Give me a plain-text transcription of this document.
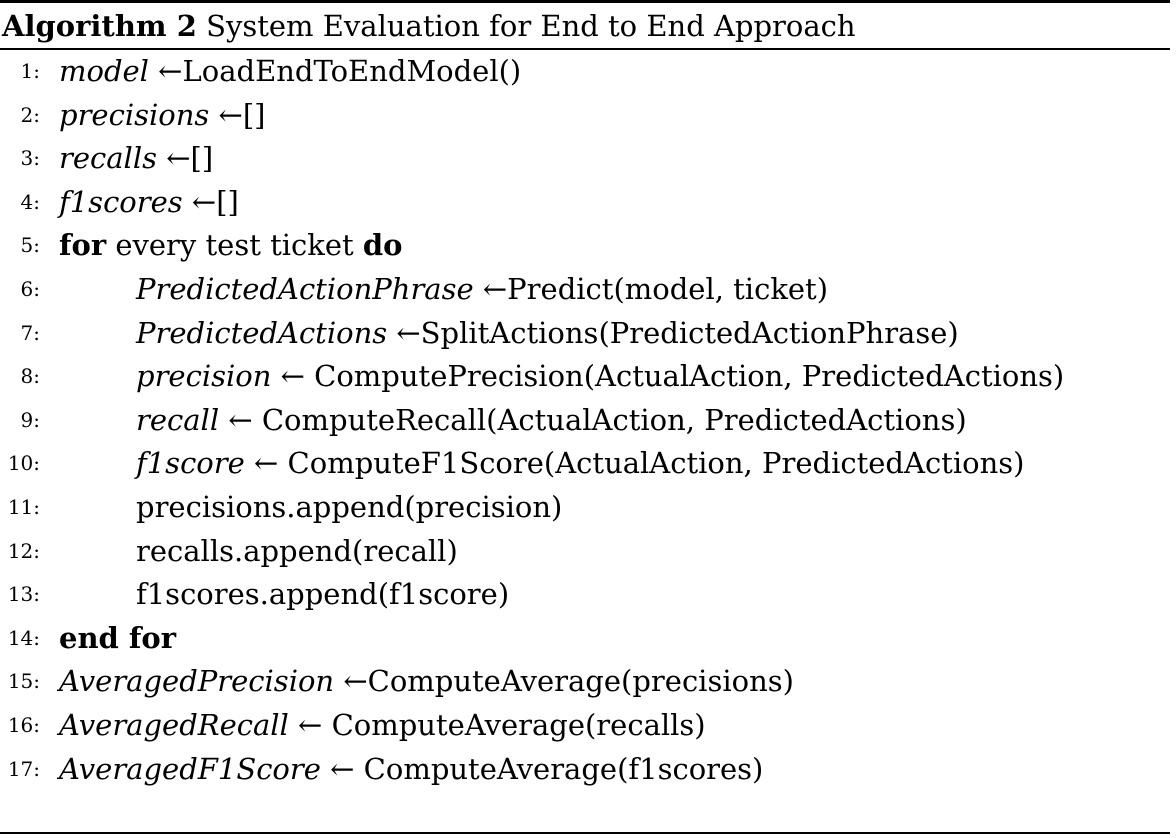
Algorithm 2 System Evaluation for End to End Approach
1: model ←LoadEndToEndModel()
2: precisions ←[]
3: recalls ←[]
4: f1scores ←[]
5: for every test ticket do
6:	PredictedActionPhrase ←Predict(model, ticket)
7:	PredictedActions ←SplitActions(PredictedActionPhrase)
8:	precision ← ComputePrecision(ActualAction, PredictedActions)
9:	recall ← ComputeRecall(ActualAction, PredictedActions)
10:	f1score ← ComputeF1Score(ActualAction, PredictedActions)
11:	precisions.append(precision)
12:	recalls.append(recall)
13:	f1scores.append(f1score)
14: end for
15: AveragedPrecision ←ComputeAverage(precisions)
16: AveragedRecall ← ComputeAverage(recalls)
17: AveragedF1Score ← ComputeAverage(f1scores)
